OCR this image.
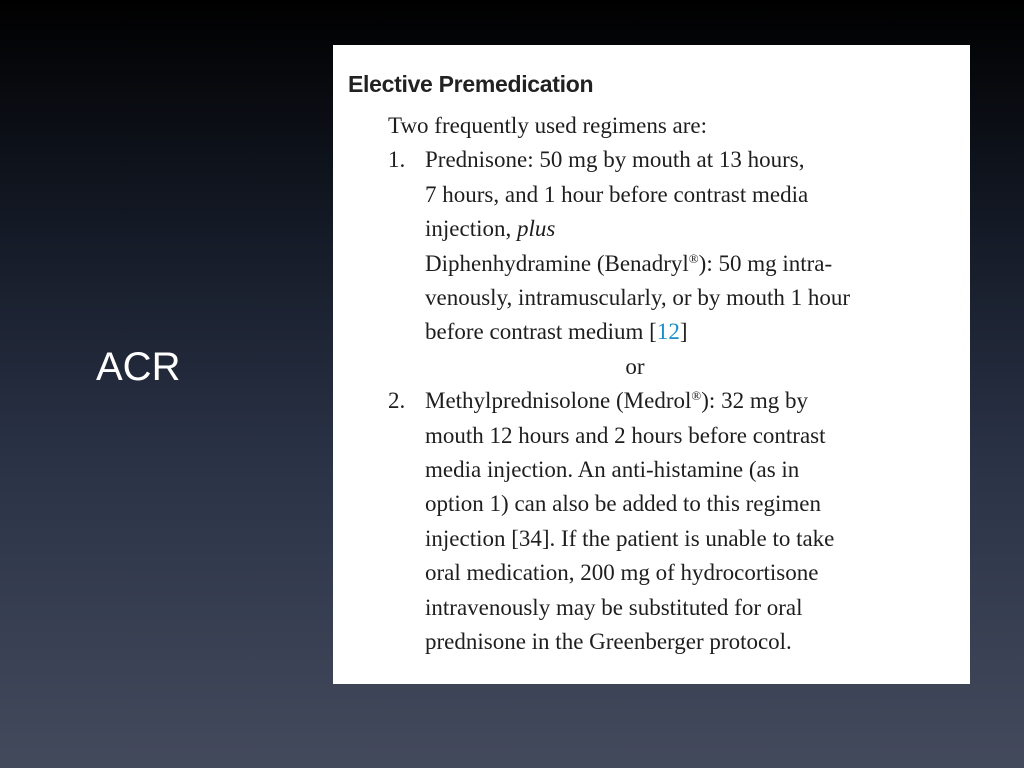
ACR
Elective Premedication
Two frequently used regimens are:
1. Prednisone: 50 mg by mouth at 13 hours,
7 hours, and 1 hour before contrast media
injection, plus
Diphenhydramine (Benadryl®): 50 mg intra-
venously, intramuscularly, or by mouth 1 hour
before contrast medium [12]
or
2. Methylprednisolone (Medrol®): 32 mg by
mouth 12 hours and 2 hours before contrast
media injection. An anti-histamine (as in
option 1) can also be added to this regimen
injection [34]. If the patient is unable to take
oral medication, 200 mg of hydrocortisone
intravenously may be substituted for oral
prednisone in the Greenberger protocol.
